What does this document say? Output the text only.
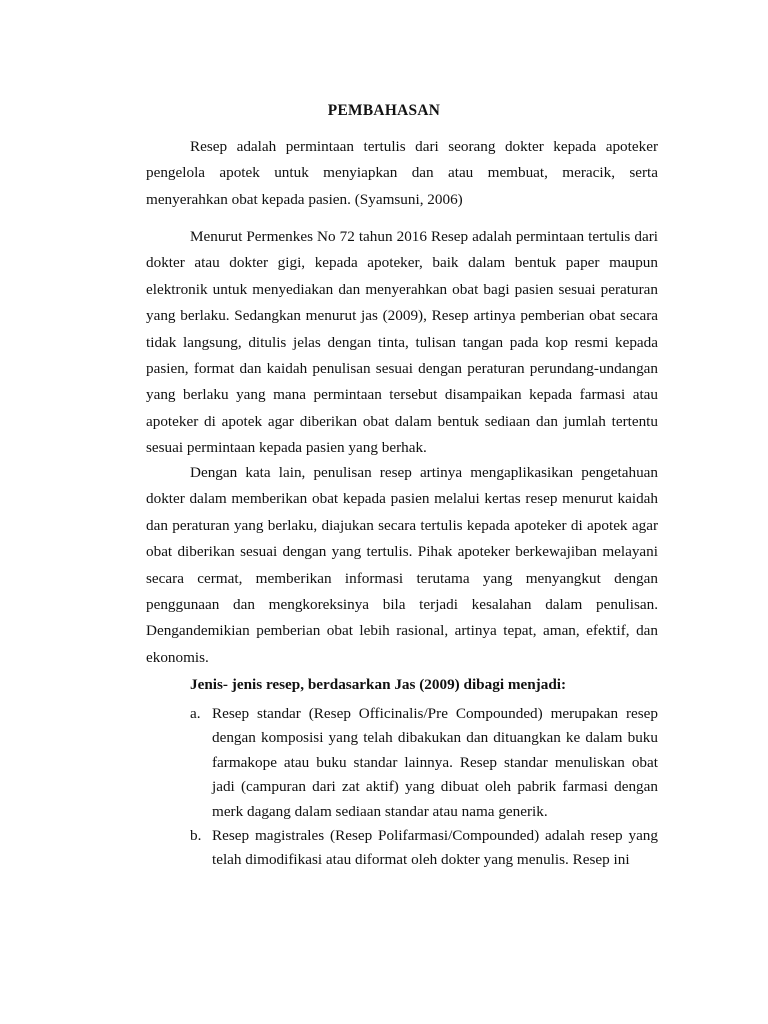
PEMBAHASAN

Resep adalah permintaan tertulis dari seorang dokter kepada apoteker pengelola apotek untuk menyiapkan dan atau membuat, meracik, serta menyerahkan obat kepada pasien. (Syamsuni, 2006)

Menurut Permenkes No 72 tahun 2016 Resep adalah permintaan tertulis dari dokter atau dokter gigi, kepada apoteker, baik dalam bentuk paper maupun elektronik untuk menyediakan dan menyerahkan obat bagi pasien sesuai peraturan yang berlaku. Sedangkan menurut jas (2009), Resep artinya pemberian obat secara tidak langsung, ditulis jelas dengan tinta, tulisan tangan pada kop resmi kepada pasien, format dan kaidah penulisan sesuai dengan peraturan perundang-undangan yang berlaku yang mana permintaan tersebut disampaikan kepada farmasi atau apoteker di apotek agar diberikan obat dalam bentuk sediaan dan jumlah tertentu sesuai permintaan kepada pasien yang berhak.

Dengan kata lain, penulisan resep artinya mengaplikasikan pengetahuan dokter dalam memberikan obat kepada pasien melalui kertas resep menurut kaidah dan peraturan yang berlaku, diajukan secara tertulis kepada apoteker di apotek agar obat diberikan sesuai dengan yang tertulis. Pihak apoteker berkewajiban melayani secara cermat, memberikan informasi terutama yang menyangkut dengan penggunaan dan mengkoreksinya bila terjadi kesalahan dalam penulisan. Dengandemikian pemberian obat lebih rasional, artinya tepat, aman, efektif, dan ekonomis.

Jenis- jenis resep, berdasarkan Jas (2009) dibagi menjadi:
a. Resep standar (Resep Officinalis/Pre Compounded) merupakan resep dengan komposisi yang telah dibakukan dan dituangkan ke dalam buku farmakope atau buku standar lainnya. Resep standar menuliskan obat jadi (campuran dari zat aktif) yang dibuat oleh pabrik farmasi dengan merk dagang dalam sediaan standar atau nama generik.
b. Resep magistrales (Resep Polifarmasi/Compounded) adalah resep yang telah dimodifikasi atau diformat oleh dokter yang menulis. Resep ini
